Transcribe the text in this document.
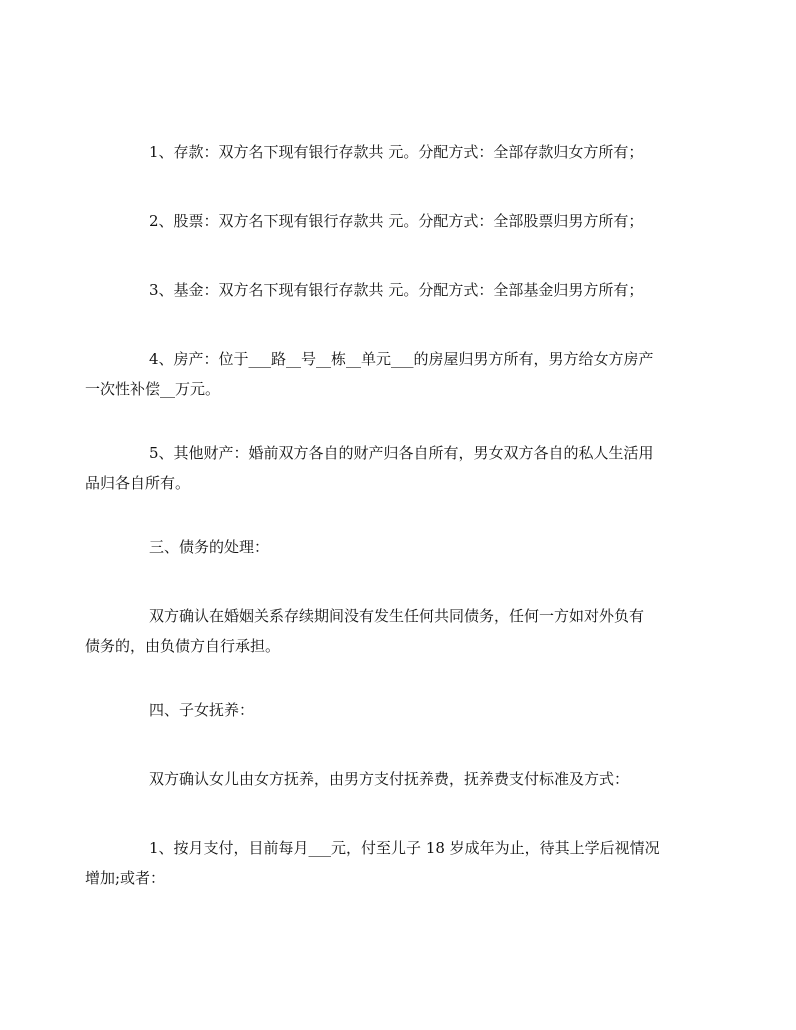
1、存款：双方名下现有银行存款共 元。分配方式：全部存款归女方所有；

2、股票：双方名下现有银行存款共 元。分配方式：全部股票归男方所有；

3、基金：双方名下现有银行存款共 元。分配方式：全部基金归男方所有；

4、房产：位于___路__号__栋__单元___的房屋归男方所有，男方给女方房产
一次性补偿__万元。

5、其他财产：婚前双方各自的财产归各自所有，男女双方各自的私人生活用
品归各自所有。

三、债务的处理：

双方确认在婚姻关系存续期间没有发生任何共同债务，任何一方如对外负有
债务的，由负债方自行承担。

四、子女抚养：

双方确认女儿由女方抚养，由男方支付抚养费，抚养费支付标准及方式：

1、按月支付，目前每月___元，付至儿子 18 岁成年为止，待其上学后视情况
增加;或者：
